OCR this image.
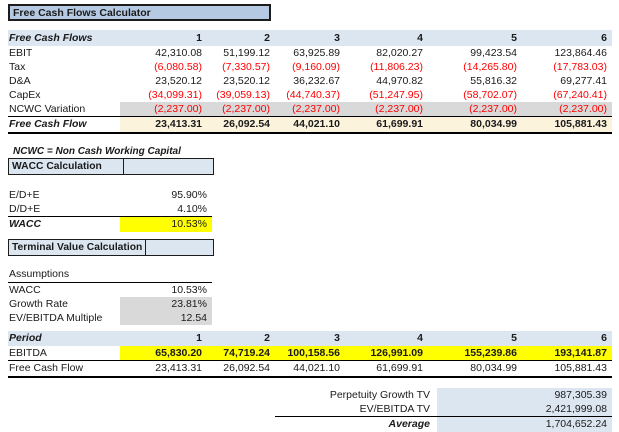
Free Cash Flows Calculator
Free Cash Flows	1	2	3	4	5	6
EBIT	42,310.08	51,199.12	63,925.89	82,020.27	99,423.54	123,864.46
Tax	(6,080.58)	(7,330.57)	(9,160.09)	(11,806.23)	(14,265.80)	(17,783.03)
D&A	23,520.12	23,520.12	36,232.67	44,970.82	55,816.32	69,277.41
CapEx	(34,099.31)	(39,059.13)	(44,740.37)	(51,247.95)	(58,702.07)	(67,240.41)
NCWC Variation	(2,237.00)	(2,237.00)	(2,237.00)	(2,237.00)	(2,237.00)	(2,237.00)
Free Cash Flow	23,413.31	26,092.54	44,021.10	61,699.91	80,034.99	105,881.43
NCWC = Non Cash Working Capital
WACC Calculation
E/D+E	95.90%
D/D+E	4.10%
WACC	10.53%
Terminal Value Calculation
Assumptions
WACC	10.53%
Growth Rate	23.81%
EV/EBITDA Multiple	12.54
Period	1	2	3	4	5	6
EBITDA	65,830.20	74,719.24	100,158.56	126,991.09	155,239.86	193,141.87
Free Cash Flow	23,413.31	26,092.54	44,021.10	61,699.91	80,034.99	105,881.43
Perpetuity Growth TV	987,305.39
EV/EBITDA TV	2,421,999.08
Average	1,704,652.24
